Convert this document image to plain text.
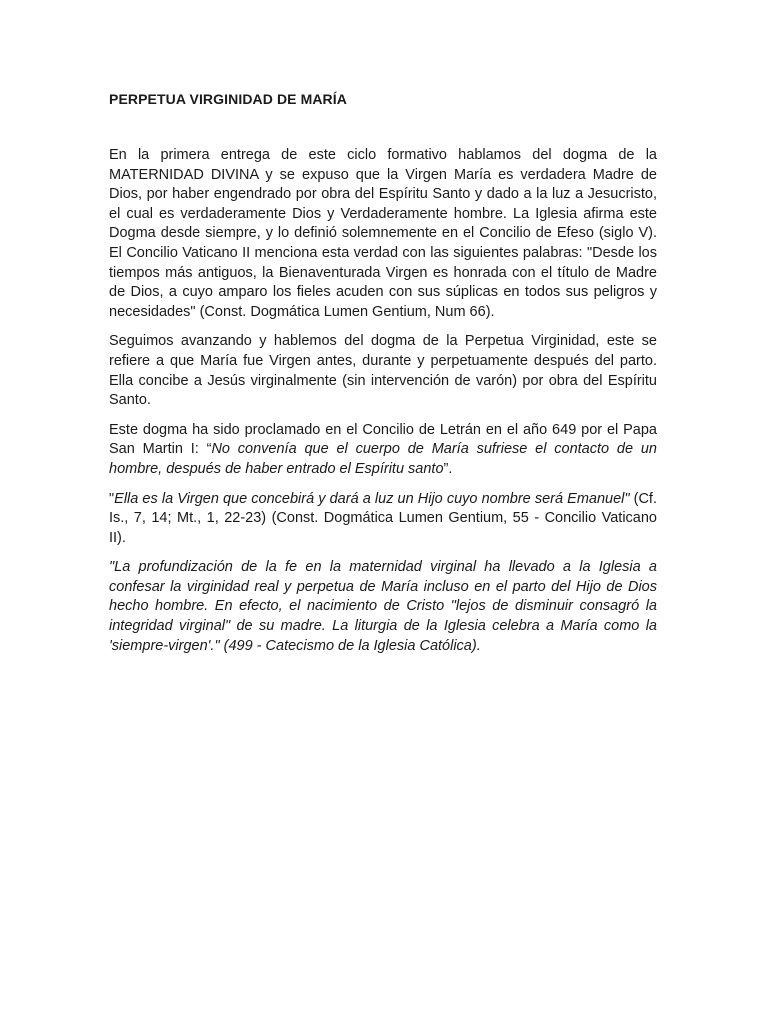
PERPETUA VIRGINIDAD DE MARÍA

En la primera entrega de este ciclo formativo hablamos del dogma de la MATERNIDAD DIVINA y se expuso que la Virgen María es verdadera Madre de Dios, por haber engendrado por obra del Espíritu Santo y dado a la luz a Jesucristo, el cual es verdaderamente Dios y Verdaderamente hombre. La Iglesia afirma este Dogma desde siempre, y lo definió solemnemente en el Concilio de Efeso (siglo V). El Concilio Vaticano II menciona esta verdad con las siguientes palabras: "Desde los tiempos más antiguos, la Bienaventurada Virgen es honrada con el título de Madre de Dios, a cuyo amparo los fieles acuden con sus súplicas en todos sus peligros y necesidades" (Const. Dogmática Lumen Gentium, Num 66).

Seguimos avanzando y hablemos del dogma de la Perpetua Virginidad, este se refiere a que María fue Virgen antes, durante y perpetuamente después del parto. Ella concibe a Jesús virginalmente (sin intervención de varón) por obra del Espíritu Santo.

Este dogma ha sido proclamado en el Concilio de Letrán en el año 649 por el Papa San Martin I: “No convenía que el cuerpo de María sufriese el contacto de un hombre, después de haber entrado el Espíritu santo”.

"Ella es la Virgen que concebirá y dará a luz un Hijo cuyo nombre será Emanuel" (Cf. Is., 7, 14; Mt., 1, 22-23) (Const. Dogmática Lumen Gentium, 55 - Concilio Vaticano II).

"La profundización de la fe en la maternidad virginal ha llevado a la Iglesia a confesar la virginidad real y perpetua de María incluso en el parto del Hijo de Dios hecho hombre. En efecto, el nacimiento de Cristo "lejos de disminuir consagró la integridad virginal" de su madre. La liturgia de la Iglesia celebra a María como la 'siempre-virgen'." (499 - Catecismo de la Iglesia Católica).
